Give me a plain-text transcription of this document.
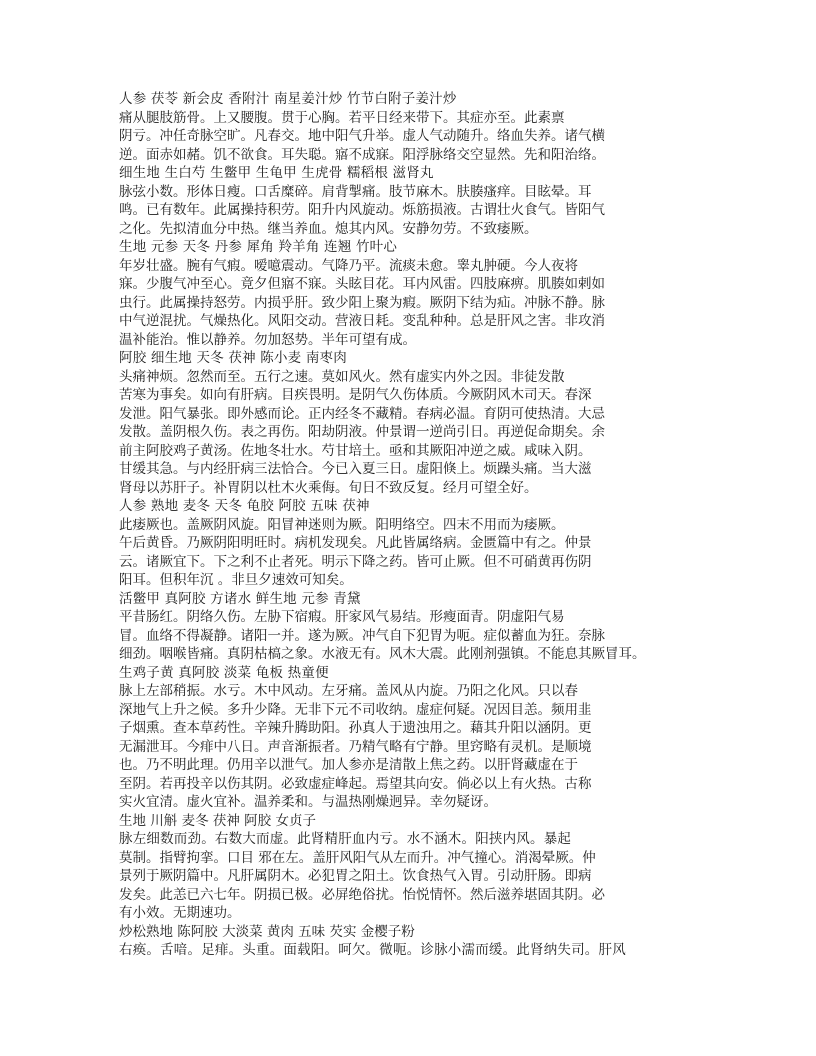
人参 茯苓 新会皮 香附汁 南星姜汁炒 竹节白附子姜汁炒
痛从腿肢筋骨。上又腰腹。贯于心胸。若平日经来带下。其症亦至。此素禀
阴亏。冲任奇脉空旷。凡春交。地中阳气升举。虚人气动随升。络血失养。诸气横
逆。面赤如赭。饥不欲食。耳失聪。寤不成寐。阳浮脉络交空显然。先和阳治络。
细生地 生白芍 生鳖甲 生龟甲 生虎骨 糯稻根 滋肾丸
脉弦小数。形体日瘦。口舌糜碎。肩背掣痛。肢节麻木。肤腠瘙痒。目眩晕。耳
鸣。已有数年。此属操持积劳。阳升内风旋动。烁筋损液。古谓壮火食气。皆阳气
之化。先拟清血分中热。继当养血。熄其内风。安静勿劳。不致痿厥。
生地 元参 天冬 丹参 犀角 羚羊角 连翘 竹叶心
年岁壮盛。腕有气瘕。嗳噫震动。气降乃平。流痰未愈。睾丸肿硬。今人夜将
寐。少腹气冲至心。竟夕但寤不寐。头眩目花。耳内风雷。四肢麻痹。肌腠如剌如
虫行。此属操持怒劳。内损乎肝。致少阳上聚为瘕。厥阴下结为疝。冲脉不静。脉
中气逆混扰。气燥热化。风阳交动。营液日耗。变乱种种。总是肝风之害。非攻消
温补能治。惟以静养。勿加怒势。半年可望有成。
阿胶 细生地 天冬 茯神 陈小麦 南枣肉
头痛神烦。忽然而至。五行之速。莫如风火。然有虚实内外之因。非徒发散
苦寒为事矣。如向有肝病。目疾畏明。是阴气久伤体质。今厥阴风木司天。春深
发泄。阳气暴张。即外感而论。正内经冬不藏精。春病必温。育阴可使热清。大忌
发散。盖阴根久伤。表之再伤。阳劫阴液。仲景谓一逆尚引日。再逆促命期矣。余
前主阿胶鸡子黄汤。佐地冬壮水。芍甘培土。亟和其厥阳冲逆之威。咸味入阴。
甘缓其急。与内经肝病三法恰合。今已入夏三日。虚阳倏上。烦躁头痛。当大滋
肾母以苏肝子。补胃阴以杜木火乘侮。旬日不致反复。经月可望全好。
人参 熟地 麦冬 天冬 龟胶 阿胶 五味 茯神
此痿厥也。盖厥阴风旋。阳冒神迷则为厥。阳明络空。四末不用而为痿厥。
午后黄昏。乃厥阴阳明旺时。病机发现矣。凡此皆属络病。金匮篇中有之。仲景
云。诸厥宜下。下之利不止者死。明示下降之药。皆可止厥。但不可硝黄再伤阴
阳耳。但积年沉 。非旦夕速效可知矣。
活鳖甲 真阿胶 方诸水 鲜生地 元参 青黛
平昔肠红。阴络久伤。左胁下宿瘕。肝家风气易结。形瘦面青。阴虚阳气易
冒。血络不得凝静。诸阳一并。遂为厥。冲气自下犯胃为呃。症似蓄血为狂。奈脉
细劲。咽喉皆痛。真阴枯槁之象。水液无有。风木大震。此刚剂强镇。不能息其厥冒耳。
生鸡子黄 真阿胶 淡菜 龟板 热童便
脉上左部稍振。水亏。木中风动。左牙痛。盖风从内旋。乃阳之化风。只以春
深地气上升之候。多升少降。无非下元不司收纳。虚症何疑。况因目恙。频用韭
子烟熏。查本草药性。辛辣升腾助阳。孙真人于遗浊用之。藉其升阳以涵阴。更
无漏泄耳。今痱中八日。声音渐振者。乃精气略有宁静。里窍略有灵机。是顺境
也。乃不明此理。仍用辛以泄气。加人参亦是清散上焦之药。以肝肾藏虚在于
至阴。若再投辛以伤其阴。必致虚症峰起。焉望其向安。倘必以上有火热。古称
实火宜清。虚火宜补。温养柔和。与温热刚燥迥异。幸勿疑讶。
生地 川斛 麦冬 茯神 阿胶 女贞子
脉左细数而劲。右数大而虚。此肾精肝血内亏。水不涵木。阳挟内风。暴起
莫制。指臂拘挛。口目 邪在左。盖肝风阳气从左而升。冲气撞心。消渴晕厥。仲
景列于厥阴篇中。凡肝属阴木。必犯胃之阳土。饮食热气入胃。引动肝肠。即病
发矣。此恙已六七年。阴损已极。必屏绝俗扰。怡悦情怀。然后滋养堪固其阴。必
有小效。无期速功。
炒松熟地 陈阿胶 大淡菜 黄肉 五味 芡实 金樱子粉
右痪。舌喑。足痱。头重。面载阳。呵欠。微呃。诊脉小濡而缓。此肾纳失司。肝风
